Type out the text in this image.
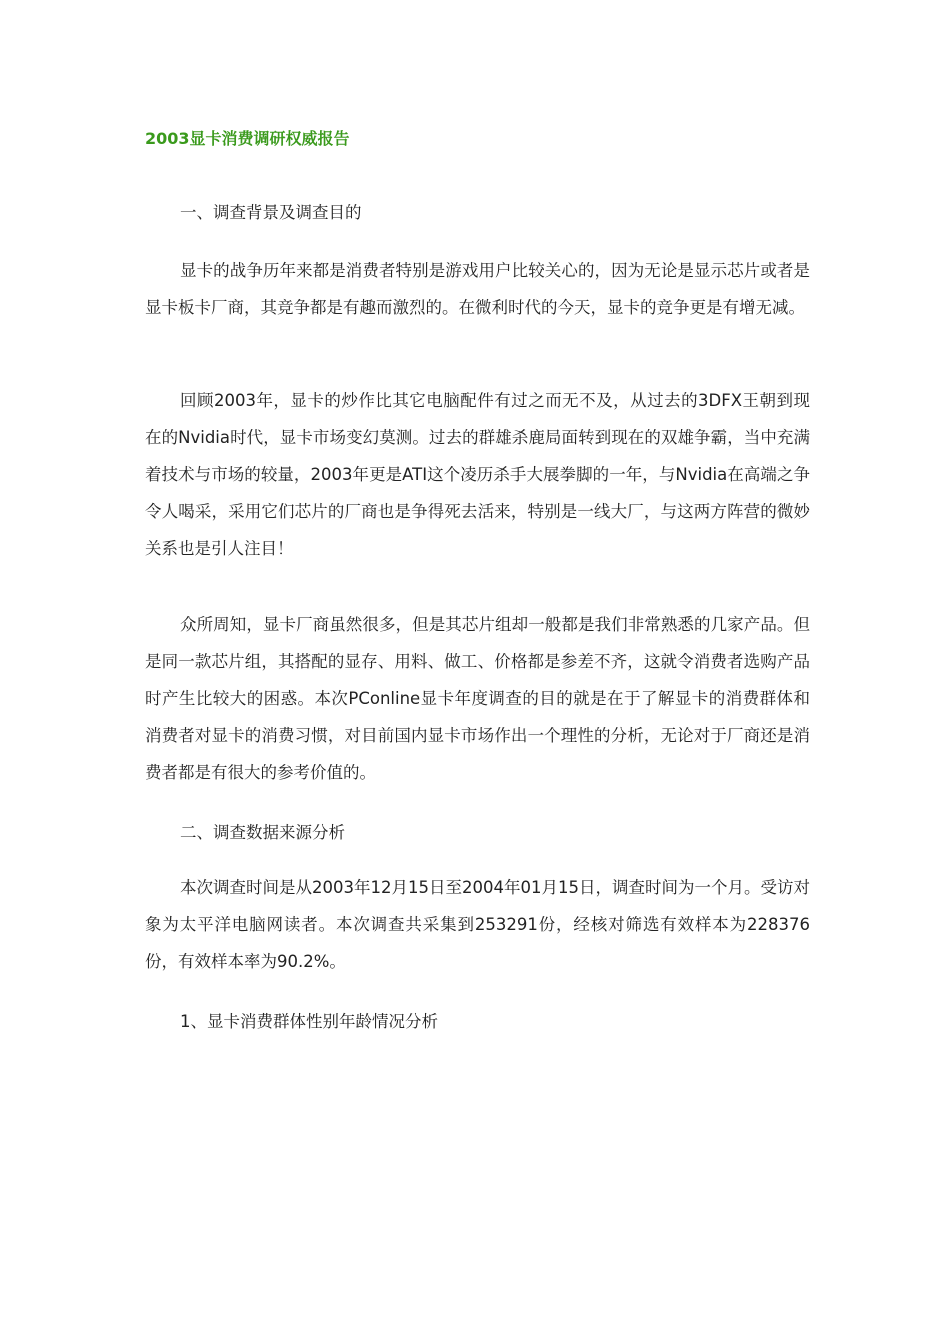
2003显卡消费调研权威报告

一、调查背景及调查目的

显卡的战争历年来都是消费者特别是游戏用户比较关心的，因为无论是显示芯片或者是显卡板卡厂商，其竞争都是有趣而激烈的。在微利时代的今天，显卡的竞争更是有增无减。

回顾2003年，显卡的炒作比其它电脑配件有过之而无不及，从过去的3DFX王朝到现在的Nvidia时代，显卡市场变幻莫测。过去的群雄杀鹿局面转到现在的双雄争霸，当中充满着技术与市场的较量，2003年更是ATI这个凌历杀手大展拳脚的一年，与Nvidia在高端之争令人喝采，采用它们芯片的厂商也是争得死去活来，特别是一线大厂，与这两方阵营的微妙关系也是引人注目！

众所周知，显卡厂商虽然很多，但是其芯片组却一般都是我们非常熟悉的几家产品。但是同一款芯片组，其搭配的显存、用料、做工、价格都是参差不齐，这就令消费者选购产品时产生比较大的困惑。本次PConline显卡年度调查的目的就是在于了解显卡的消费群体和消费者对显卡的消费习惯，对目前国内显卡市场作出一个理性的分析，无论对于厂商还是消费者都是有很大的参考价值的。

二、调查数据来源分析

本次调查时间是从2003年12月15日至2004年01月15日，调查时间为一个月。受访对象为太平洋电脑网读者。本次调查共采集到253291份，经核对筛选有效样本为228376份，有效样本率为90.2%。

1、显卡消费群体性别年龄情况分析
